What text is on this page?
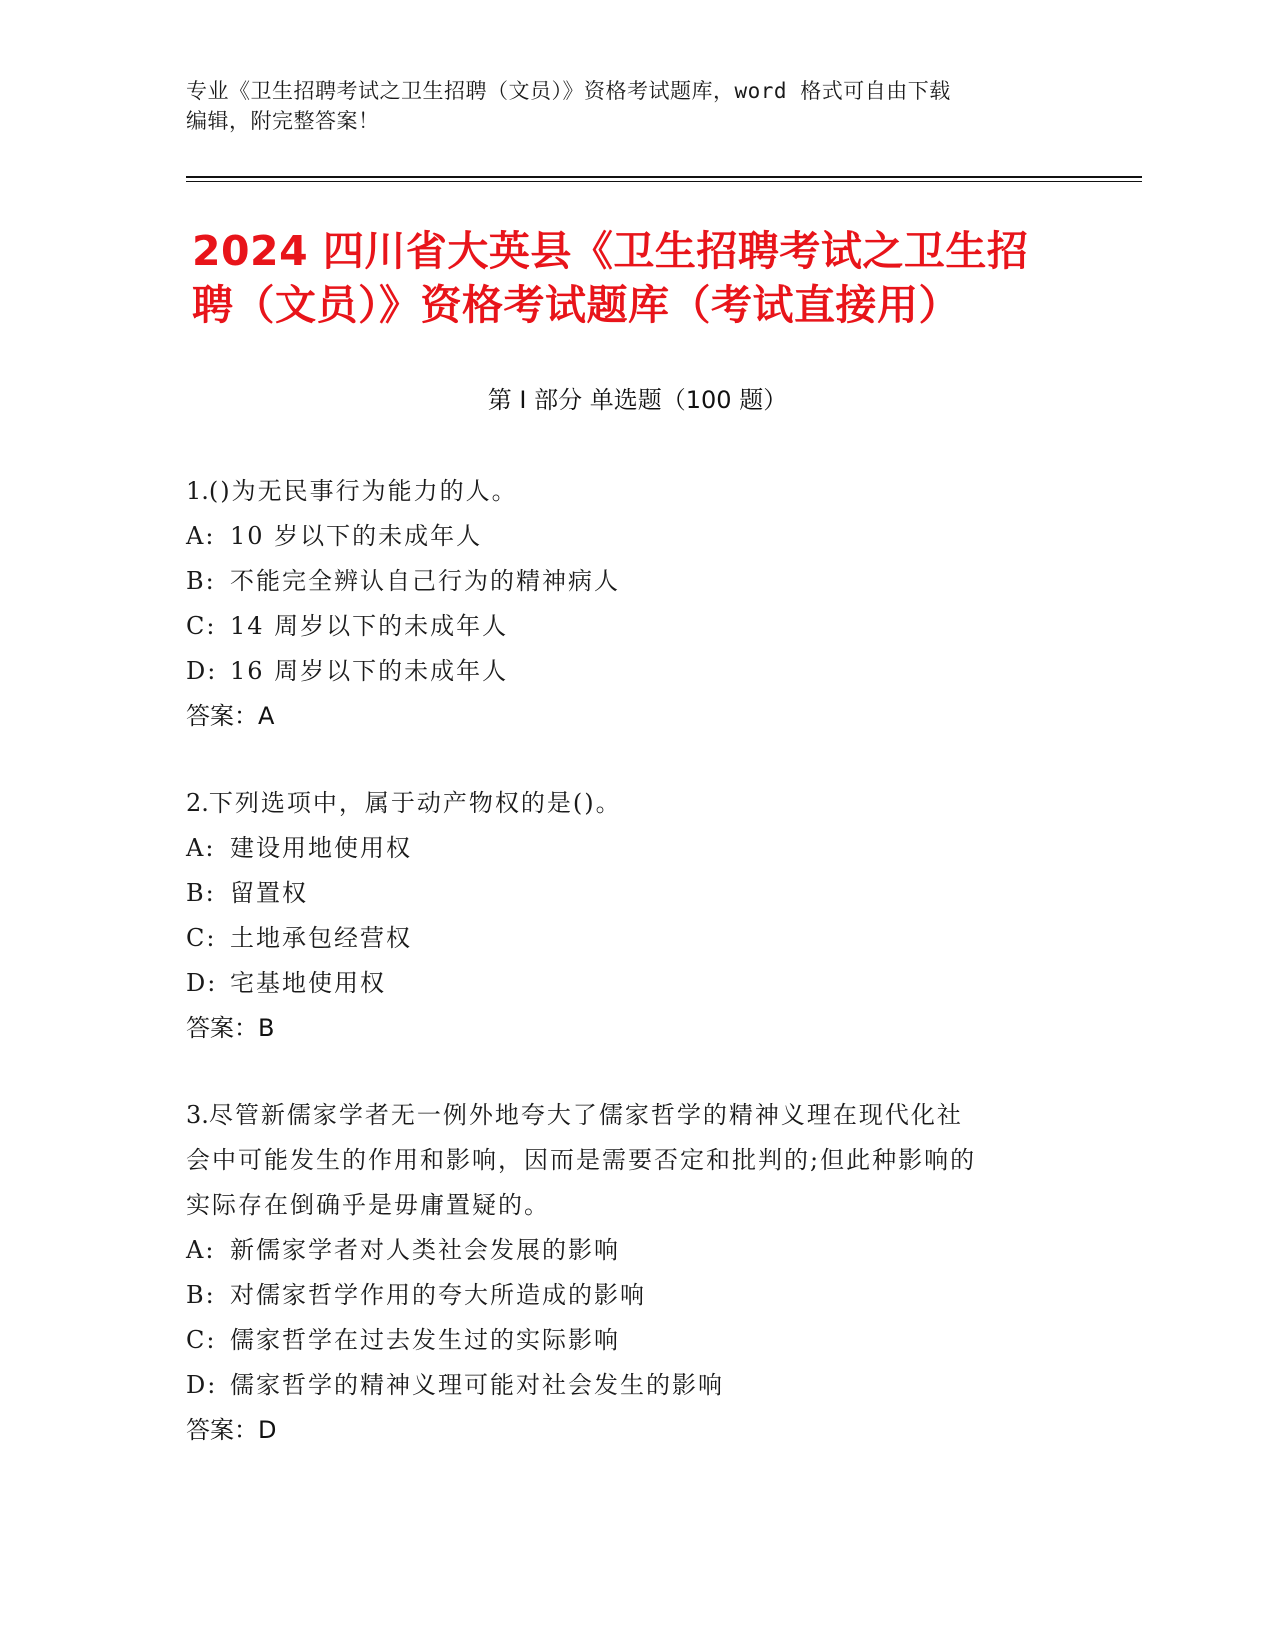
专业《卫生招聘考试之卫生招聘（文员）》资格考试题库，word 格式可自由下载
编辑，附完整答案！
2024 四川省大英县《卫生招聘考试之卫生招
聘（文员）》资格考试题库（考试直接用）
第 I 部分 单选题（100 题）
1.()为无民事行为能力的人。
A: 10 岁以下的未成年人
B: 不能完全辨认自己行为的精神病人
C: 14 周岁以下的未成年人
D: 16 周岁以下的未成年人
答案：A
2.下列选项中，属于动产物权的是()。
A: 建设用地使用权
B: 留置权
C: 土地承包经营权
D: 宅基地使用权
答案：B
3.尽管新儒家学者无一例外地夸大了儒家哲学的精神义理在现代化社
会中可能发生的作用和影响，因而是需要否定和批判的;但此种影响的
实际存在倒确乎是毋庸置疑的。
A: 新儒家学者对人类社会发展的影响
B: 对儒家哲学作用的夸大所造成的影响
C: 儒家哲学在过去发生过的实际影响
D: 儒家哲学的精神义理可能对社会发生的影响
答案：D
